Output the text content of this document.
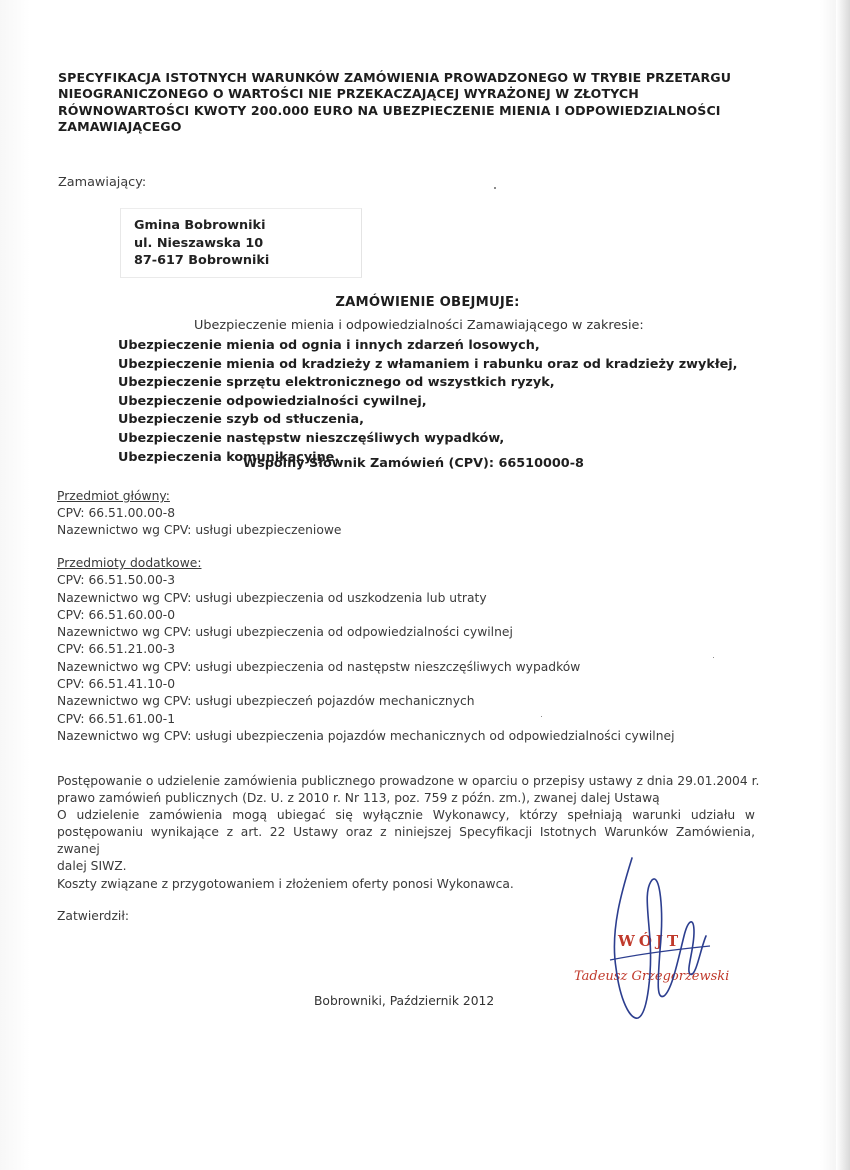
SPECYFIKACJA ISTOTNYCH WARUNKÓW ZAMÓWIENIA PROWADZONEGO W TRYBIE PRZETARGU
NIEOGRANICZONEGO O WARTOŚCI NIE PRZEKACZAJĄCEJ WYRAŻONEJ W ZŁOTYCH
RÓWNOWARTOŚCI KWOTY 200.000 EURO NA UBEZPIECZENIE MIENIA I ODPOWIEDZIALNOŚCI
ZAMAWIAJĄCEGO
Zamawiający:
Gmina Bobrowniki
ul. Nieszawska 10
87-617 Bobrowniki
ZAMÓWIENIE OBEJMUJE:
Ubezpieczenie mienia i odpowiedzialności Zamawiającego w zakresie:
Ubezpieczenie mienia od ognia i innych zdarzeń losowych,
Ubezpieczenie mienia od kradzieży z włamaniem i rabunku oraz od kradzieży zwykłej,
Ubezpieczenie sprzętu elektronicznego od wszystkich ryzyk,
Ubezpieczenie odpowiedzialności cywilnej,
Ubezpieczenie szyb od stłuczenia,
Ubezpieczenie następstw nieszczęśliwych wypadków,
Ubezpieczenia komunikacyjne.
Wspólny Słownik Zamówień (CPV): 66510000-8
Przedmiot główny:
CPV: 66.51.00.00-8
Nazewnictwo wg CPV: usługi ubezpieczeniowe
Przedmioty dodatkowe:
CPV: 66.51.50.00-3
Nazewnictwo wg CPV: usługi ubezpieczenia od uszkodzenia lub utraty
CPV: 66.51.60.00-0
Nazewnictwo wg CPV: usługi ubezpieczenia od odpowiedzialności cywilnej
CPV: 66.51.21.00-3
Nazewnictwo wg CPV: usługi ubezpieczenia od następstw nieszczęśliwych wypadków
CPV: 66.51.41.10-0
Nazewnictwo wg CPV: usługi ubezpieczeń pojazdów mechanicznych
CPV: 66.51.61.00-1
Nazewnictwo wg CPV: usługi ubezpieczenia pojazdów mechanicznych od odpowiedzialności cywilnej
Postępowanie o udzielenie zamówienia publicznego prowadzone w oparciu o przepisy ustawy z dnia 29.01.2004 r.
prawo zamówień publicznych (Dz. U. z 2010 r. Nr 113, poz. 759 z późn. zm.), zwanej dalej Ustawą
O udzielenie zamówienia mogą ubiegać się wyłącznie Wykonawcy, którzy spełniają warunki udziału w
postępowaniu wynikające z art. 22 Ustawy oraz z niniejszej Specyfikacji Istotnych Warunków Zamówienia, zwanej
dalej SIWZ.
Koszty związane z przygotowaniem i złożeniem oferty ponosi Wykonawca.
Zatwierdził:
WÓJT
Tadeusz Grzegorzewski
Bobrowniki, Październik 2012
